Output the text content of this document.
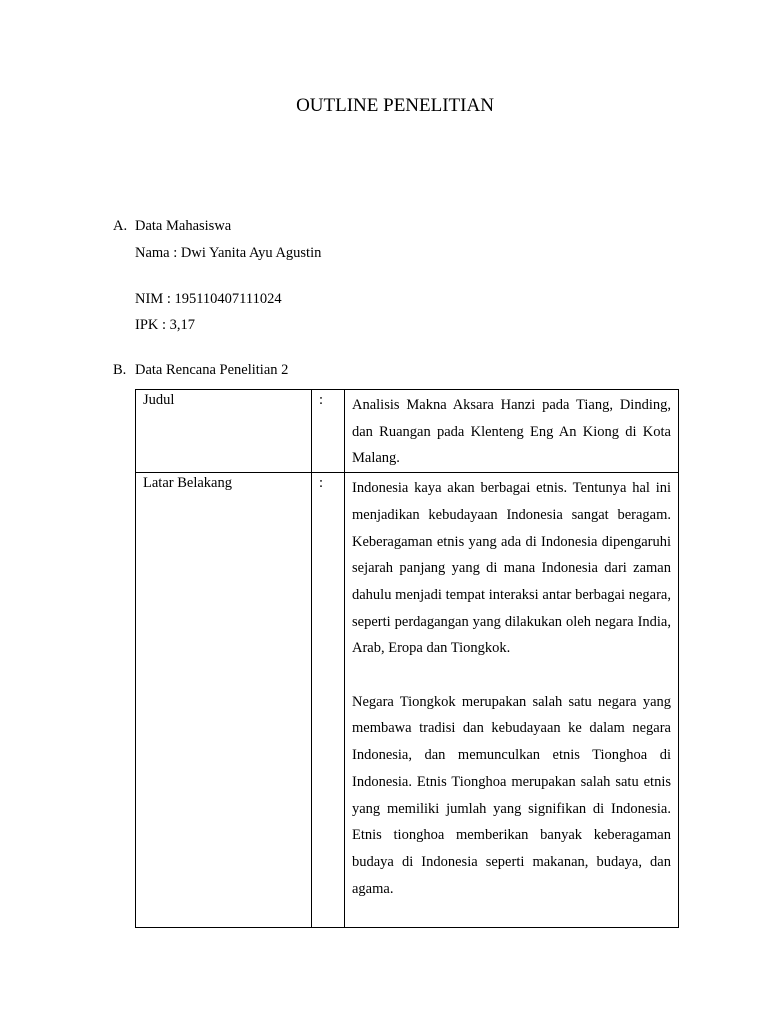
OUTLINE PENELITIAN
A. Data Mahasiswa
Nama : Dwi Yanita Ayu Agustin
NIM : 195110407111024
IPK : 3,17
B. Data Rencana Penelitian 2
Judul	:	Analisis Makna Aksara Hanzi pada Tiang, Dinding, dan Ruangan pada Klenteng Eng An Kiong di Kota Malang.

Latar Belakang	:	Indonesia kaya akan berbagai etnis. Tentunya hal ini menjadikan kebudayaan Indonesia sangat beragam. Keberagaman etnis yang ada di Indonesia dipengaruhi sejarah panjang yang di mana Indonesia dari zaman dahulu menjadi tempat interaksi antar berbagai negara, seperti perdagangan yang dilakukan oleh negara India, Arab, Eropa dan Tiongkok.

Negara Tiongkok merupakan salah satu negara yang membawa tradisi dan kebudayaan ke dalam negara Indonesia, dan memunculkan etnis Tionghoa di Indonesia. Etnis Tionghoa merupakan salah satu etnis yang memiliki jumlah yang signifikan di Indonesia. Etnis tionghoa memberikan banyak keberagaman budaya di Indonesia seperti makanan, budaya, dan agama.
